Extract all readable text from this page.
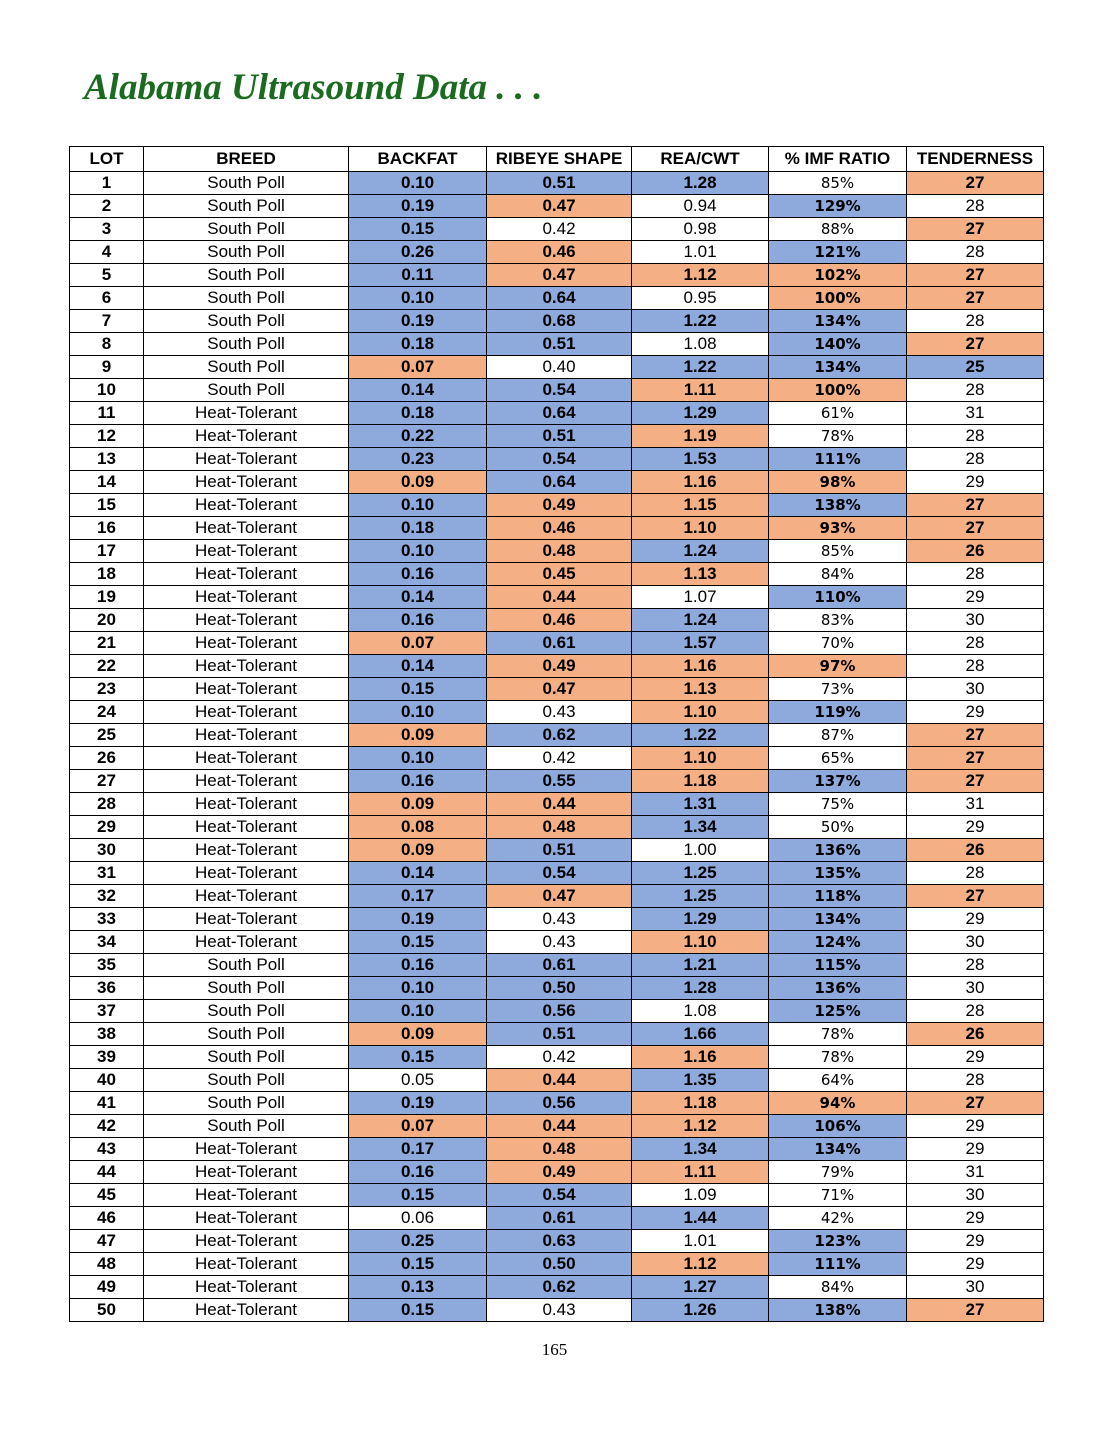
Alabama Ultrasound Data . . .
LOT	BREED	BACKFAT	RIBEYE SHAPE	REA/CWT	% IMF RATIO	TENDERNESS
1	South Poll	0.10	0.51	1.28	85%	27
2	South Poll	0.19	0.47	0.94	129%	28
3	South Poll	0.15	0.42	0.98	88%	27
4	South Poll	0.26	0.46	1.01	121%	28
5	South Poll	0.11	0.47	1.12	102%	27
6	South Poll	0.10	0.64	0.95	100%	27
7	South Poll	0.19	0.68	1.22	134%	28
8	South Poll	0.18	0.51	1.08	140%	27
9	South Poll	0.07	0.40	1.22	134%	25
10	South Poll	0.14	0.54	1.11	100%	28
11	Heat-Tolerant	0.18	0.64	1.29	61%	31
12	Heat-Tolerant	0.22	0.51	1.19	78%	28
13	Heat-Tolerant	0.23	0.54	1.53	111%	28
14	Heat-Tolerant	0.09	0.64	1.16	98%	29
15	Heat-Tolerant	0.10	0.49	1.15	138%	27
16	Heat-Tolerant	0.18	0.46	1.10	93%	27
17	Heat-Tolerant	0.10	0.48	1.24	85%	26
18	Heat-Tolerant	0.16	0.45	1.13	84%	28
19	Heat-Tolerant	0.14	0.44	1.07	110%	29
20	Heat-Tolerant	0.16	0.46	1.24	83%	30
21	Heat-Tolerant	0.07	0.61	1.57	70%	28
22	Heat-Tolerant	0.14	0.49	1.16	97%	28
23	Heat-Tolerant	0.15	0.47	1.13	73%	30
24	Heat-Tolerant	0.10	0.43	1.10	119%	29
25	Heat-Tolerant	0.09	0.62	1.22	87%	27
26	Heat-Tolerant	0.10	0.42	1.10	65%	27
27	Heat-Tolerant	0.16	0.55	1.18	137%	27
28	Heat-Tolerant	0.09	0.44	1.31	75%	31
29	Heat-Tolerant	0.08	0.48	1.34	50%	29
30	Heat-Tolerant	0.09	0.51	1.00	136%	26
31	Heat-Tolerant	0.14	0.54	1.25	135%	28
32	Heat-Tolerant	0.17	0.47	1.25	118%	27
33	Heat-Tolerant	0.19	0.43	1.29	134%	29
34	Heat-Tolerant	0.15	0.43	1.10	124%	30
35	South Poll	0.16	0.61	1.21	115%	28
36	South Poll	0.10	0.50	1.28	136%	30
37	South Poll	0.10	0.56	1.08	125%	28
38	South Poll	0.09	0.51	1.66	78%	26
39	South Poll	0.15	0.42	1.16	78%	29
40	South Poll	0.05	0.44	1.35	64%	28
41	South Poll	0.19	0.56	1.18	94%	27
42	South Poll	0.07	0.44	1.12	106%	29
43	Heat-Tolerant	0.17	0.48	1.34	134%	29
44	Heat-Tolerant	0.16	0.49	1.11	79%	31
45	Heat-Tolerant	0.15	0.54	1.09	71%	30
46	Heat-Tolerant	0.06	0.61	1.44	42%	29
47	Heat-Tolerant	0.25	0.63	1.01	123%	29
48	Heat-Tolerant	0.15	0.50	1.12	111%	29
49	Heat-Tolerant	0.13	0.62	1.27	84%	30
50	Heat-Tolerant	0.15	0.43	1.26	138%	27
165
